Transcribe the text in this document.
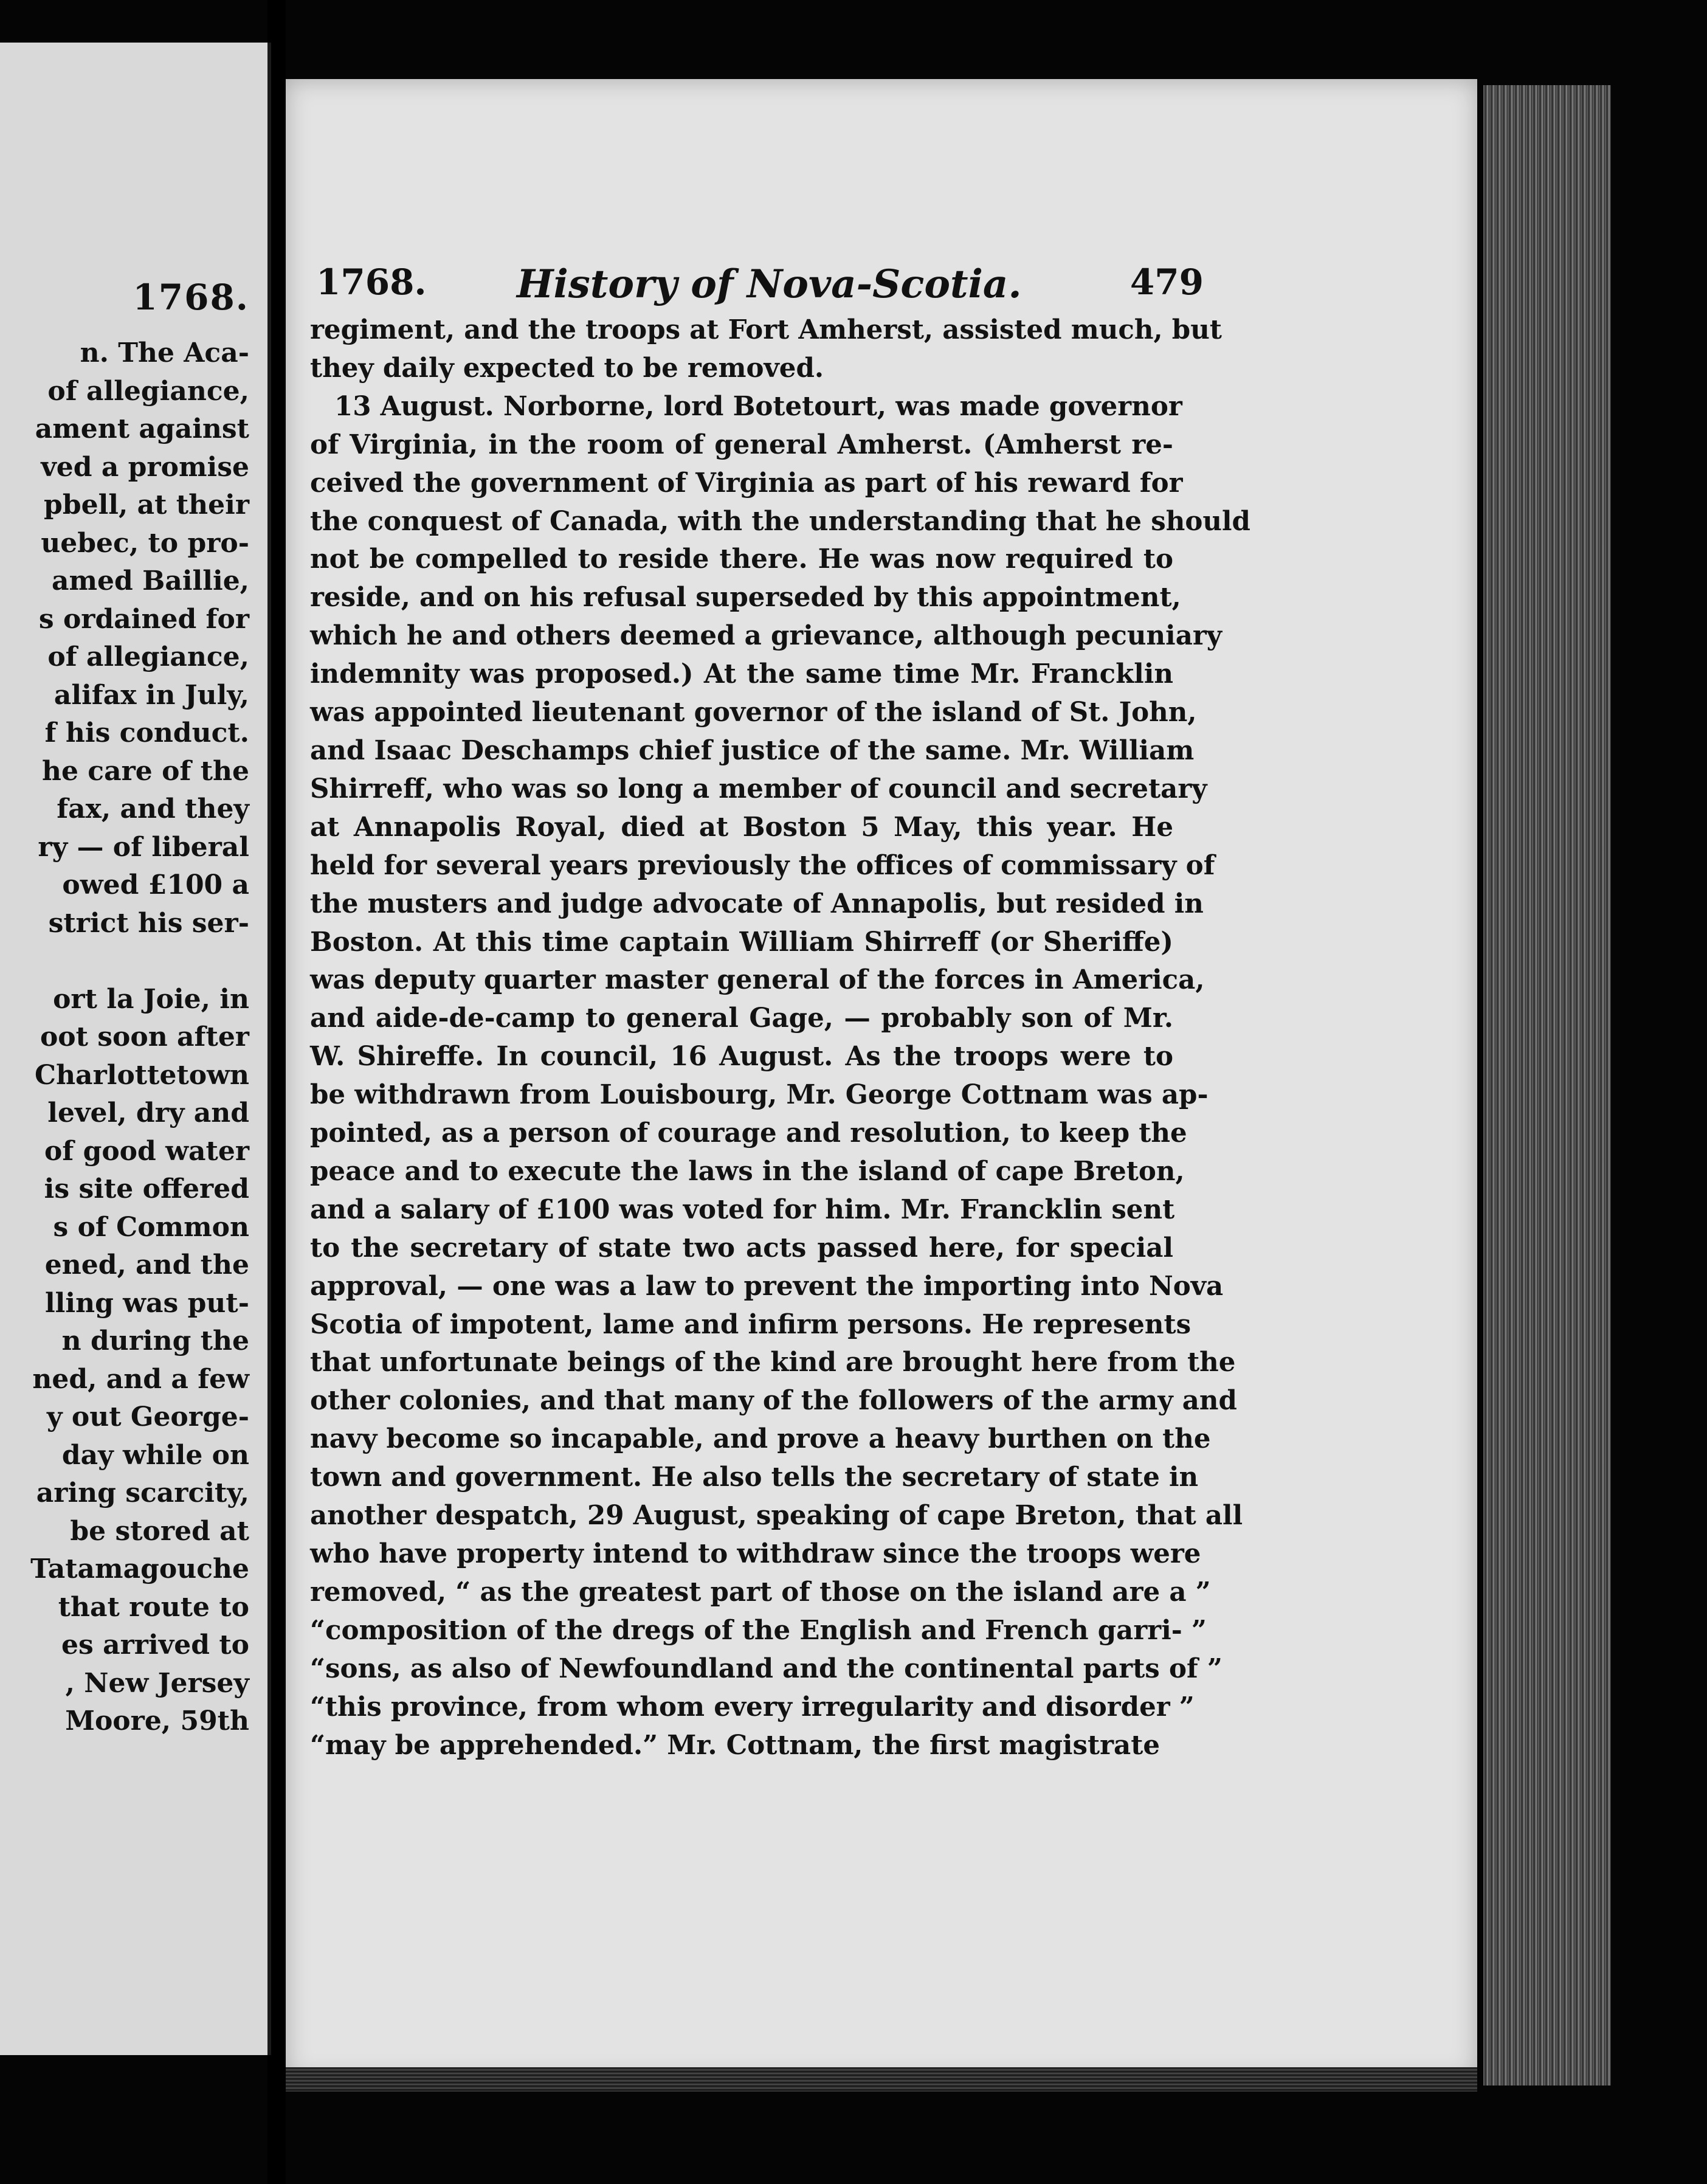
1768.
n. The Aca-
of allegiance,
ament against
ved a promise
pbell, at their
uebec, to pro-
amed Baillie,
s ordained for
of allegiance,
alifax in July,
f his conduct.
he care of the
fax, and they
ry — of liberal
owed £100 a
strict his ser-

ort la Joie, in
oot soon after
Charlottetown
level, dry and
of good water
is site offered
s of Common
ened, and the
lling was put-
n during the
ned, and a few
y out George-
day while on
aring scarcity,
be stored at
Tatamagouche
that route to
es arrived to
, New Jersey
Moore, 59th
1768. History of Nova-Scotia.	479
regiment, and the troops at Fort Amherst, assisted much, but
they daily expected to be removed.
13 August. Norborne, lord Botetourt, was made governor
of Virginia, in the room of general Amherst. (Amherst re-
ceived the government of Virginia as part of his reward for
the conquest of Canada, with the understanding that he should
not be compelled to reside there. He was now required to
reside, and on his refusal superseded by this appointment,
which he and others deemed a grievance, although pecuniary
indemnity was proposed.) At the same time Mr. Francklin
was appointed lieutenant governor of the island of St. John,
and Isaac Deschamps chief justice of the same. Mr. William
Shirreff, who was so long a member of council and secretary
at Annapolis Royal, died at Boston 5 May, this year. He
held for several years previously the offices of commissary of
the musters and judge advocate of Annapolis, but resided in
Boston. At this time captain William Shirreff (or Sheriffe)
was deputy quarter master general of the forces in America,
and aide-de-camp to general Gage, — probably son of Mr.
W. Shireffe. In council, 16 August. As the troops were to
be withdrawn from Louisbourg, Mr. George Cottnam was ap-
pointed, as a person of courage and resolution, to keep the
peace and to execute the laws in the island of cape Breton,
and a salary of £100 was voted for him. Mr. Francklin sent
to the secretary of state two acts passed here, for special
approval, — one was a law to prevent the importing into Nova
Scotia of impotent, lame and infirm persons. He represents
that unfortunate beings of the kind are brought here from the
other colonies, and that many of the followers of the army and
navy become so incapable, and prove a heavy burthen on the
town and government. He also tells the secretary of state in
another despatch, 29 August, speaking of cape Breton, that all
who have property intend to withdraw since the troops were
removed, “ as the greatest part of those on the island are a ”
“composition of the dregs of the English and French garri- ”
“sons, as also of Newfoundland and the continental parts of ”
“this province, from whom every irregularity and disorder ”
“may be apprehended.” Mr. Cottnam, the first magistrate
